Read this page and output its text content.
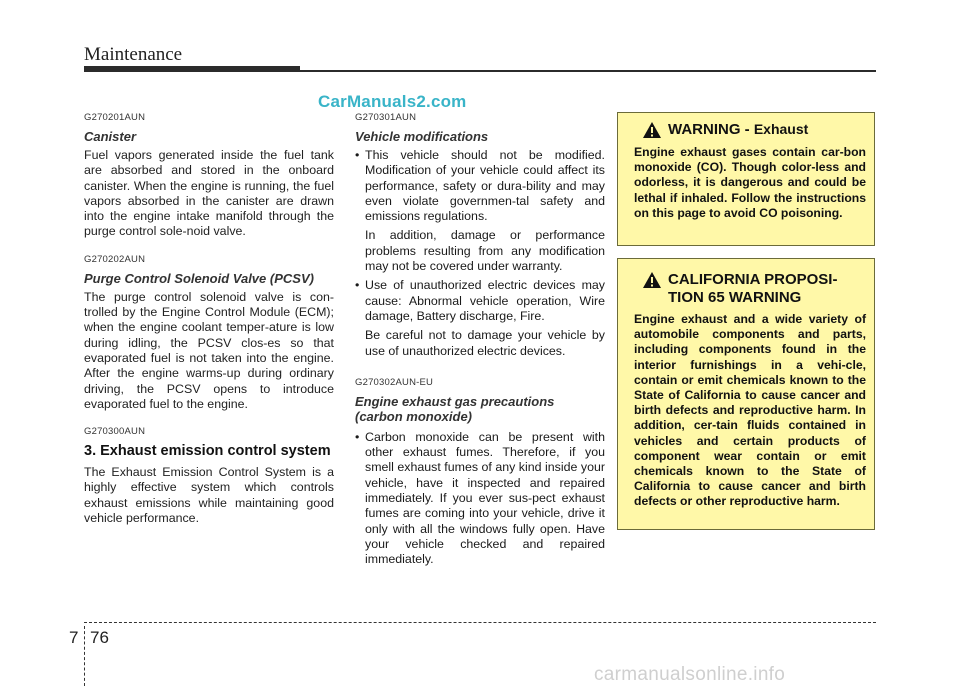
Maintenance
CarManuals2.com

G270201AUN

Canister

Fuel vapors generated inside the fuel tank are absorbed and stored in the onboard canister. When the engine is running, the fuel vapors absorbed in the canister are drawn into the engine intake manifold through the purge control sole-noid valve.

G270202AUN

Purge Control Solenoid Valve (PCSV)

The purge control solenoid valve is con-trolled by the Engine Control Module (ECM); when the engine coolant temper-ature is low during idling, the PCSV clos-es so that evaporated fuel is not taken into the engine. After the engine warms-up during ordinary driving, the PCSV opens to introduce evaporated fuel to the engine.

G270300AUN

3. Exhaust emission control system

The Exhaust Emission Control System is a highly effective system which controls exhaust emissions while maintaining good vehicle performance.

G270301AUN

Vehicle modifications

• This vehicle should not be modified. Modification of your vehicle could affect its performance, safety or dura-bility and may even violate governmen-tal safety and emissions regulations.

In addition, damage or performance problems resulting from any modification may not be covered under warranty.

• Use of unauthorized electric devices may cause: Abnormal vehicle operation, Wire damage, Battery discharge, Fire.

Be careful not to damage your vehicle by use of unauthorized electric devices.

G270302AUN-EU

Engine exhaust gas precautions (carbon monoxide)

• Carbon monoxide can be present with other exhaust fumes. Therefore, if you smell exhaust fumes of any kind inside your vehicle, have it inspected and repaired immediately. If you ever sus-pect exhaust fumes are coming into your vehicle, drive it only with all the windows fully open. Have your vehicle checked and repaired immediately.

WARNING - Exhaust

Engine exhaust gases contain car-bon monoxide (CO). Though color-less and odorless, it is dangerous and could be lethal if inhaled. Follow the instructions on this page to avoid CO poisoning.

CALIFORNIA PROPOSI-
TION 65 WARNING

Engine exhaust and a wide variety of automobile components and parts, including components found in the interior furnishings in a vehi-cle, contain or emit chemicals known to the State of California to cause cancer and birth defects and reproductive harm. In addition, cer-tain fluids contained in vehicles and certain products of component wear contain or emit chemicals known to the State of California to cause cancer and birth defects or other reproductive harm.

7 76
carmanualsonline.info
